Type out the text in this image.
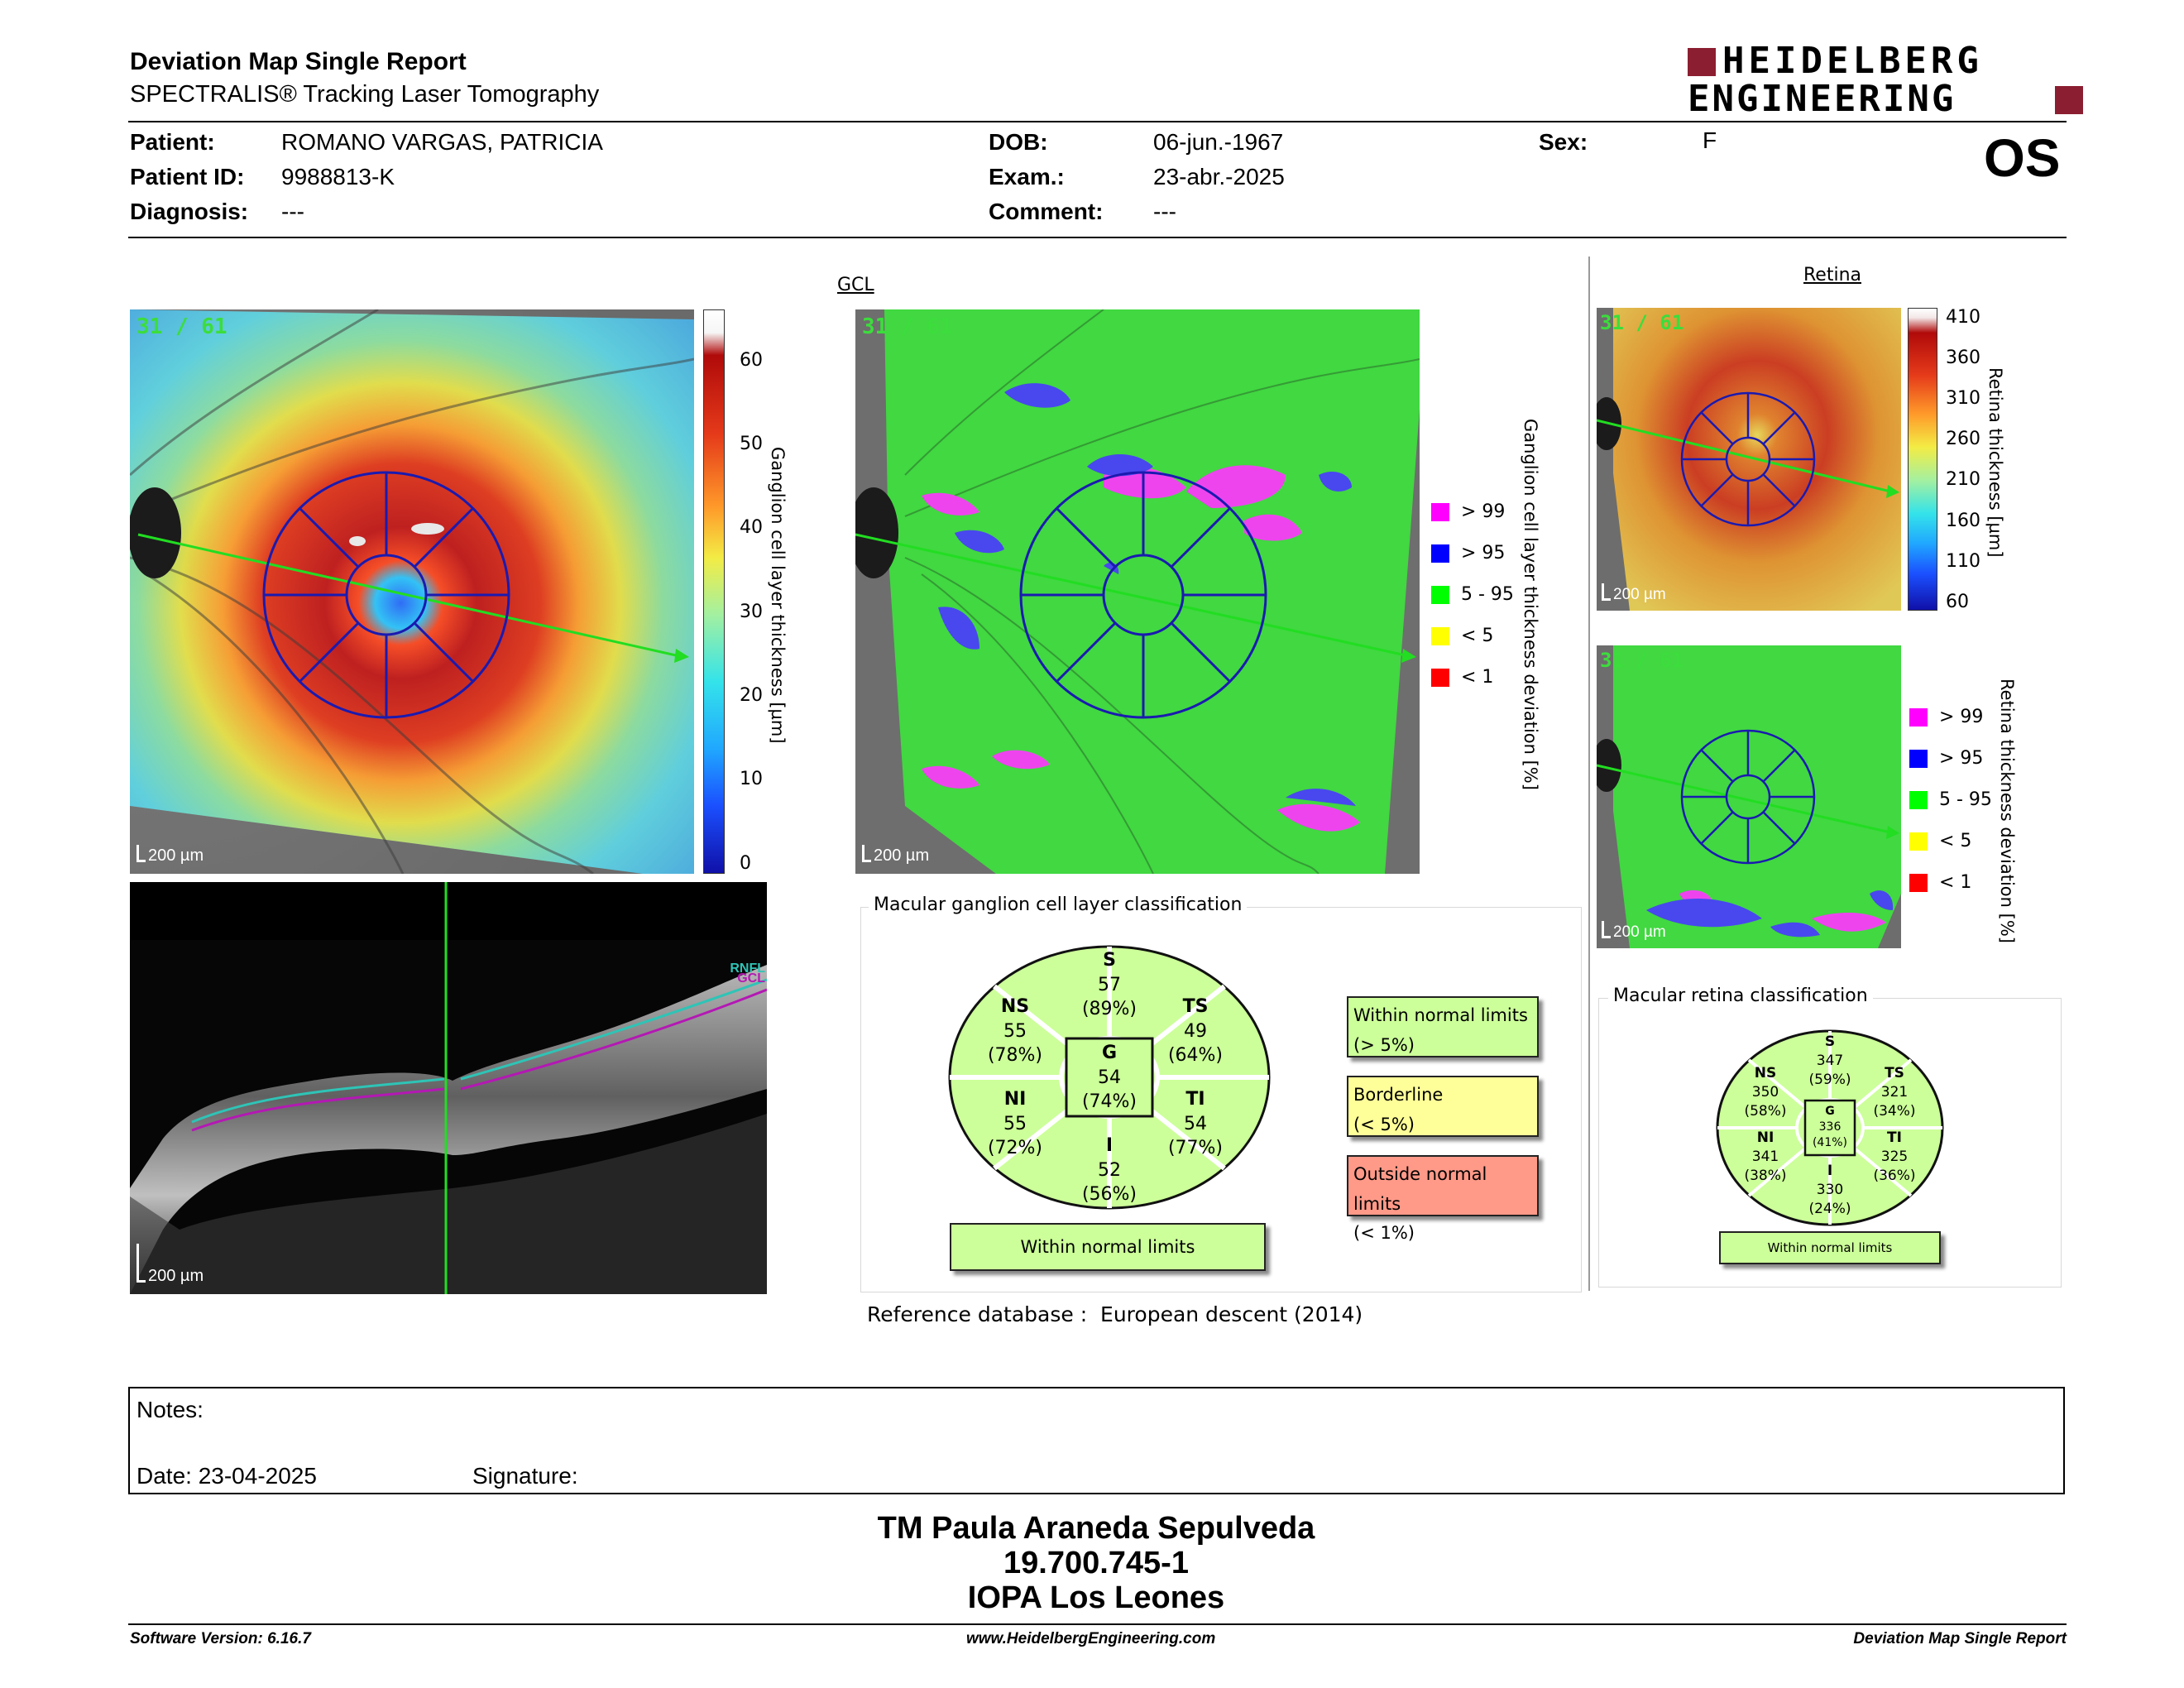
Deviation Map Single Report
SPECTRALIS® Tracking Laser Tomography
HEIDELBERG
ENGINEERING
Patient:	ROMANO VARGAS, PATRICIA
Patient ID: 9988813-K
Diagnosis: ---
DOB:	06-jun.-1967
Exam.:	23-abr.-2025
Comment: ---
Sex:	F	OS
31 / 61
200 µm
60
50
40
30
20
10
0
Ganglion cell layer thickness [µm]
RNFL
GCL
200 µm
GCL
31 / 61
200 µm
> 99
> 95
5 - 95
< 5
< 1 Ganglion cell layer thickness deviation [%]
Macular ganglion cell layer classification
S
57
(89%)
NS
55
(78%)
TS
49
(64%)
G
54
(74%)
NI
55
(72%)
TI
54
(77%)
I
52
(56%)
Within normal limits
Within normal limits
(> 5%)
Borderline
(< 5%)
Outside normal limits
(< 1%)
Reference database : European descent (2014)
Retina
31 / 61
200 µm
410
360
310
260
210
160
110
60
Retina thickness [µm]
31 / 61
200 µm
> 99
> 95
5 - 95
< 5
< 1 Retina thickness deviation [%]
Macular retina classification
S
347
(59%)
NS
350
(58%)
TS
321
(34%)
G
336
(41%)
NI
341
(38%)
TI
325
(36%)
I
330
(24%)
Within normal limits
Notes:
Date: 23-04-2025	Signature:
TM Paula Araneda Sepulveda
19.700.745-1
IOPA Los Leones
Software Version: 6.16.7	www.HeidelbergEngineering.com	Deviation Map Single Report
